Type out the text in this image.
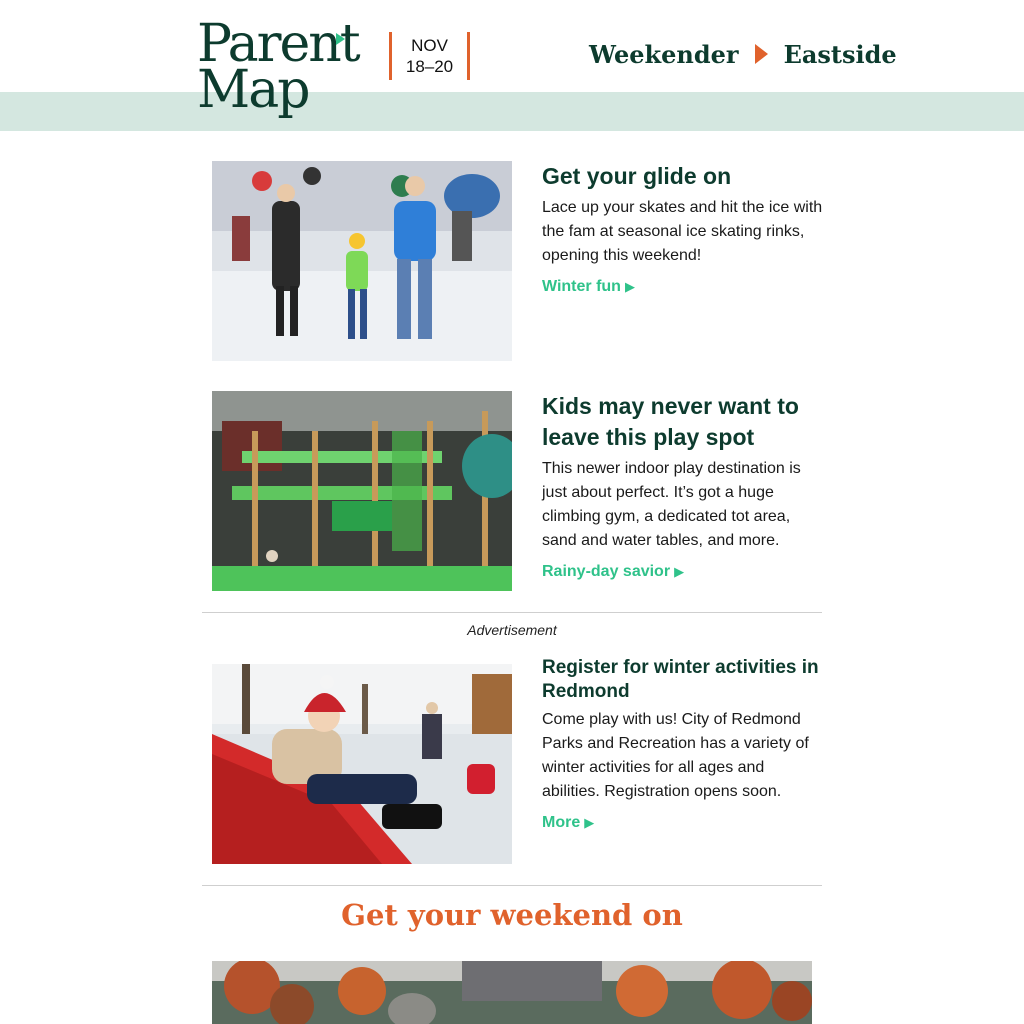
Parent
Map
NOV
18–20	Weekender Eastside
Get your glide on

Lace up your skates and hit the ice with the fam at seasonal ice skating rinks, opening this weekend!

Winter fun ▶
Kids may never want to leave this play spot

This newer indoor play destination is just about perfect. It’s got a huge climbing gym, a dedicated tot area, sand and water tables, and more.

Rainy-day savior ▶
Advertisement
Register for winter activities in Redmond

Come play with us! City of Redmond Parks and Recreation has a variety of winter activities for all ages and abilities. Registration opens soon.

More ▶
Get your weekend on
